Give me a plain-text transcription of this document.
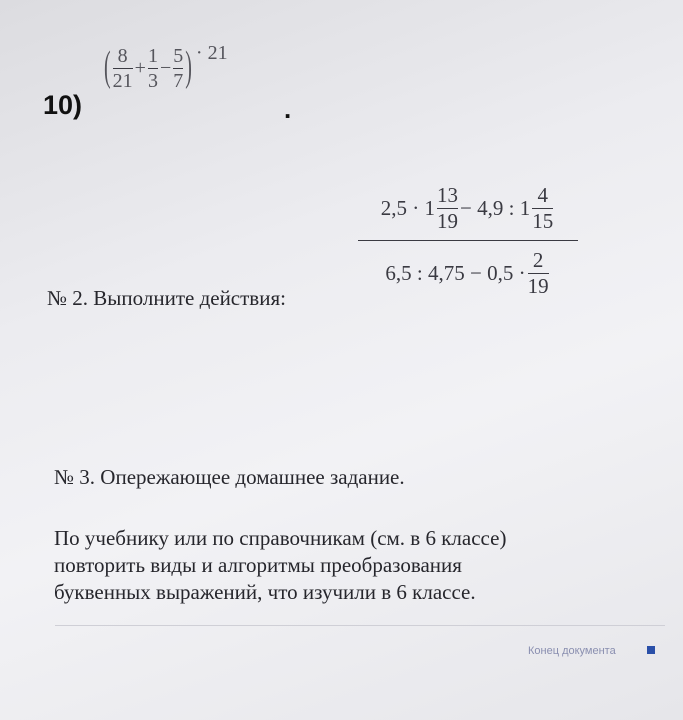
10)
( $\frac{8}{21} + \frac{1}{3} - \frac{5}{7}$ ) · 21
.
$2,5 \cdot 1 \frac{13}{19} - 4,9$ : $1 \frac{4}{15}$
6,5 : $4,75 - 0,5 \cdot \frac{2}{19}$
№ 2. Выполните действия:
№ 3. Опережающее домашнее задание.
По учебнику или по справочникам (см. в 6 классе)
повторить виды и алгоритмы преобразования
буквенных выражений, что изучили в 6 классе.
Конец документа
